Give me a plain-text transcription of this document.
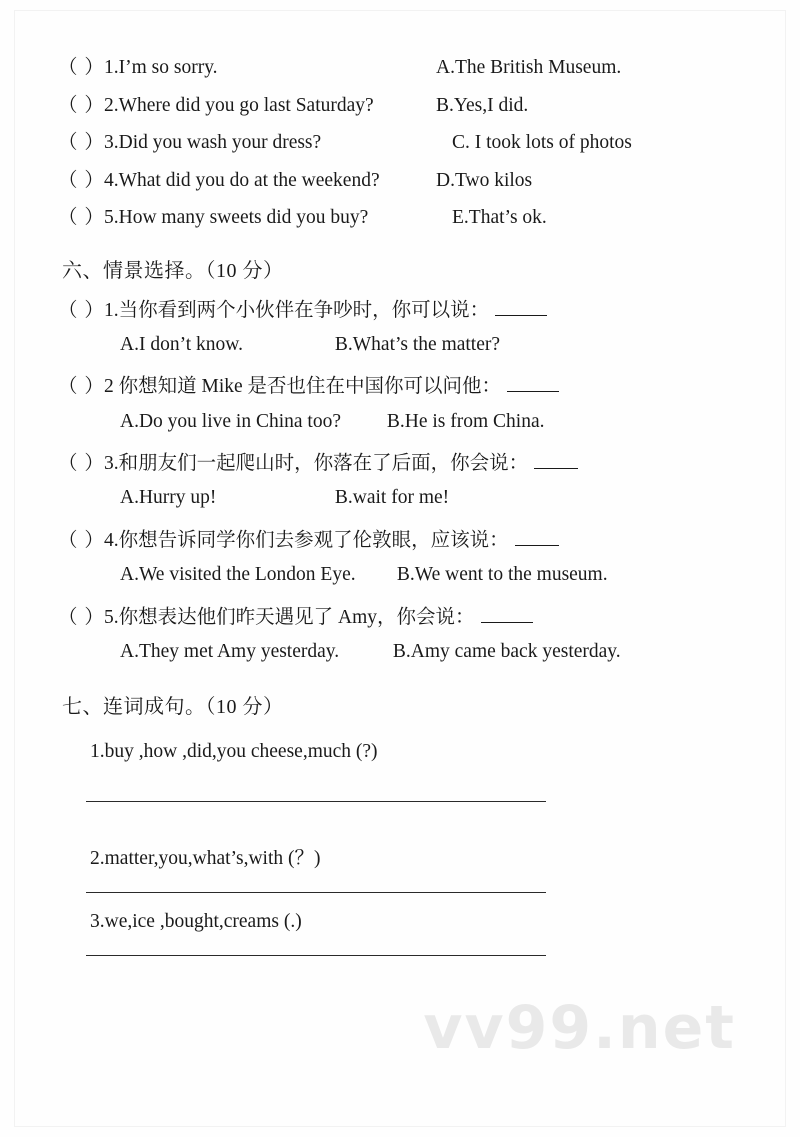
（ ） 1.I’m so sorry.	A.The British Museum.
（ ） 2.Where did you go last Saturday?	B.Yes,I did.
（ ） 3.Did you wash your dress?	C. I took lots of photos
（ ） 4.What did you do at the weekend?	D.Two kilos
（ ） 5.How many sweets did you buy?	E.That’s ok.
六、情景选择。（10 分）
（ ） 1.当你看到两个小伙伴在争吵时，你可以说：
A.I don’t know.	B.What’s the matter?
（ ） 2 你想知道 Mike 是否也住在中国你可以问他：
A.Do you live in China too? B.He is from China.
（ ） 3.和朋友们一起爬山时，你落在了后面，你会说：
A.Hurry up!	B.wait for me!
（ ） 4.你想告诉同学你们去参观了伦敦眼，应该说：
A.We visited the London Eye. B.We went to the museum.
（ ） 5.你想表达他们昨天遇见了 Amy，你会说：
A.They met Amy yesterday.	B.Amy came back yesterday.
七、连词成句。（10 分）
1.buy ,how ,did,you cheese,much (?)
2.matter,you,what’s,with (？)
3.we,ice ,bought,creams (.)
vv99.net
